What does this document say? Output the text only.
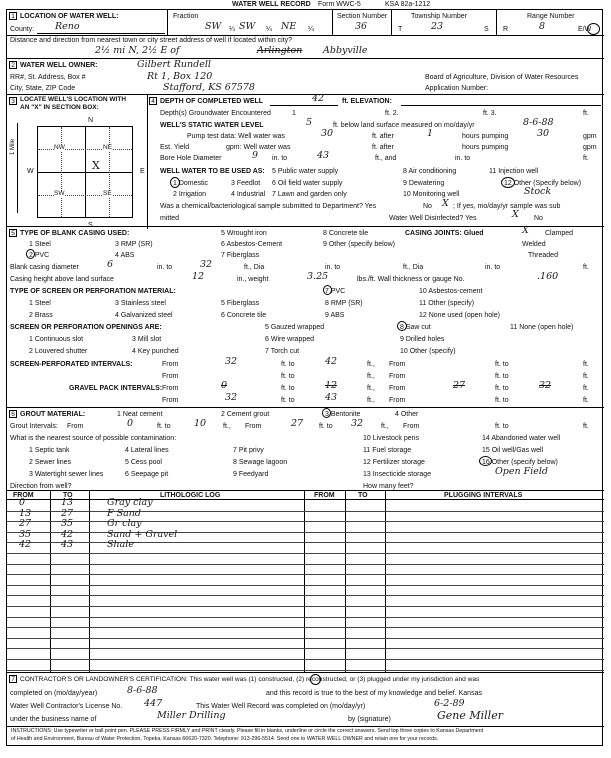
WATER WELL RECORD Form WWC-5	KSA 82a-1212
1 LOCATION OF WATER WELL:	Fraction
County: Reno	SW ¼ SW ¼ NE ¼
Section Number
36
Township Number
T	23	S
Range Number
R	8	E/W
Distance and direction from nearest town or city street address of well if located within city?
2½ mi N, 2½ E of	Arlington Abbyville
2 WATER WELL OWNER:	Gilbert Rundell
RR#, St. Address, Box #	Rt 1, Box 120
City, State, ZIP Code	Stafford, KS 67578
Board of Agriculture, Division of Water Resources
Application Number:
3 LOCATE WELL'S LOCATION WITH
AN "X" IN SECTION BOX:
N
S
W	E
1 Mile	NW	NE
SW	SE
X
4 DEPTH OF COMPLETED WELL	42	ft. ELEVATION:
Depth(s) Groundwater Encountered	1	ft. 2.	ft. 3.	ft.
WELL'S STATIC WATER LEVEL	5	ft. below land surface measured on mo/day/yr	8-6-88
Pump test data: Well water was	30	ft. after	1	hours pumping	30	gpm
Est. Yield	gpm: Well water was	ft. after	hours pumping	gpm
Bore Hole Diameter	9 in. to	43	ft., and	in. to	ft.
WELL WATER TO BE USED AS: 5 Public water supply	8 Air conditioning	11 Injection well
1 Domestic	3 Feedlot 6 Oil field water supply	9 Dewatering	12 Other (Specify below)
2 Irrigation	4 Industrial 7 Lawn and garden only	10 Monitoring well	Stock
Was a chemical/bacteriological sample submitted to Department? Yes	No X ; If yes, mo/day/yr sample was sub
mitted	Water Well Disinfected? Yes	X No
5 TYPE OF BLANK CASING USED:	5 Wrought iron	8 Concrete tile	CASING JOINTS: Glued	X Clamped
1 Steel	3 RMP (SR)	6 Asbestos-Cement	9 Other (specify below)	Welded
2 PVC	4 ABS	7 Fiberglass	Threaded
Blank casing diameter	6	in. to	32	ft., Dia	in. to	ft., Dia	in. to	ft.
Casing height above land surface	12	in., weight	3.25	lbs./ft. Wall thickness or gauge No.	.160
TYPE OF SCREEN OR PERFORATION MATERIAL:	7 PVC	10 Asbestos-cement
1 Steel	3 Stainless steel	5 Fiberglass	8 RMP (SR)	11 Other (specify)
2 Brass	4 Galvanized steel	6 Concrete tile	9 ABS	12 None used (open hole)
SCREEN OR PERFORATION OPENINGS ARE:	5 Gauzed wrapped	8 Saw cut	11 None (open hole)
1 Continuous slot	3 Mill slot	6 Wire wrapped	9 Drilled holes
2 Louvered shutter	4 Key punched	7 Torch cut	10 Other (specify)
SCREEN-PERFORATED INTERVALS:	From	32	ft. to	42	ft., From	ft. to	ft.
From	ft. to	ft., From	ft. to	ft.
GRAVEL PACK INTERVALS: From	0	ft. to	12	ft., From	27	ft. to	32	ft.
From	32	ft. to	43	ft., From	ft. to	ft.
6 GROUT MATERIAL:	1 Neat cement	2 Cement grout	3 Bentonite	4 Other
Grout Intervals: From	0	ft. to 10 ft., From	27 ft. to 32	ft., From	ft. to	ft.
What is the nearest source of possible contamination:	10 Livestock pens	14 Abandoned water well
1 Septic tank	4 Lateral lines	7 Pit privy	11 Fuel storage	15 Oil well/Gas well
2 Sewer lines	5 Cess pool	8 Sewage lagoon	12 Fertilizer storage	16 Other (specify below)
3 Watertight sewer lines	6 Seepage pit	9 Feedyard	13 Insecticide storage	Open Field
Direction from well?	How many feet?
FROM	TO	LITHOLOGIC LOG	FROM	TO	PLUGGING INTERVALS
0	13	Gray clay
13	27	F Sand
27	35	Gr clay
35	42	Sand + Gravel
42	43	Shale
7 CONTRACTOR'S OR LANDOWNER'S CERTIFICATION: This water well was (1) constructed, (2) reconstructed, or (3) plugged under my jurisdiction and was
completed on (mo/day/year)	8-6-88	and this record is true to the best of my knowledge and belief. Kansas
Water Well Contractor's License No. 447	This Water Well Record was completed on (mo/day/yr)	6-2-89
under the business name of	Miller Drilling	by (signature)	Gene Miller
INSTRUCTIONS: Use typewriter or ball point pen. PLEASE PRESS FIRMLY and PRINT clearly. Please fill in blanks, underline or circle the correct answers. Send top three copies to Kansas Department
of Health and Environment, Bureau of Water Protection, Topeka, Kansas 66620-7320. Telephone: 913-296-5514. Send one to WATER WELL OWNER and retain one for your records.
